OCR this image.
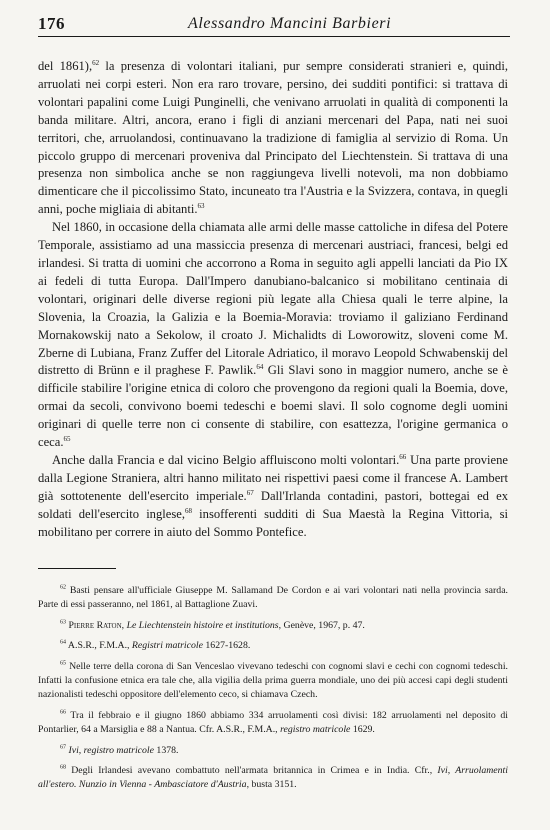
176	Alessandro Mancini Barbieri

del 1861),$^{62}$ la presenza di volontari italiani, pur sempre considerati stranieri e, quindi, arruolati nei corpi esteri. Non era raro trovare, persino, dei sudditi pontifici: si trattava di volontari papalini come Luigi Punginelli, che venivano arruolati in qualità di componenti la banda militare. Altri, ancora, erano i figli di anziani mercenari del Papa, nati nei suoi territori, che, arruolandosi, continuavano la tradizione di famiglia al servizio di Roma. Un piccolo gruppo di mercenari proveniva dal Principato del Liechtenstein. Si trattava di una presenza non simbolica anche se non raggiungeva livelli notevoli, ma non dobbiamo dimenticare che il piccolissimo Stato, incuneato tra l'Austria e la Svizzera, contava, in quegli anni, poche migliaia di abitanti.$^{63}$

Nel 1860, in occasione della chiamata alle armi delle masse cattoliche in difesa del Potere Temporale, assistiamo ad una massiccia presenza di mercenari austriaci, francesi, belgi ed irlandesi. Si tratta di uomini che accorrono a Roma in seguito agli appelli lanciati da Pio IX ai fedeli di tutta Europa. Dall'Impero danubiano-balcanico si mobilitano centinaia di volontari, originari delle diverse regioni più legate alla Chiesa quali le terre alpine, la Slovenia, la Croazia, la Galizia e la Boemia-Moravia: troviamo il galiziano Ferdinand Mornakowskij nato a Sekolow, il croato J. Michalidts di Loworowitz, sloveni come M. Zberne di Lubiana, Franz Zuffer del Litorale Adriatico, il moravo Leopold Schwabenskij del distretto di Brünn e il praghese F. Pawlik.$^{64}$ Gli Slavi sono in maggior numero, anche se è difficile stabilire l'origine etnica di coloro che provengono da regioni quali la Boemia, dove, ormai da secoli, convivono boemi tedeschi e boemi slavi. Il solo cognome degli uomini originari di quelle terre non ci consente di stabilire, con esattezza, l'origine germanica o ceca.$^{65}$

Anche dalla Francia e dal vicino Belgio affluiscono molti volontari.$^{66}$ Una parte proviene dalla Legione Straniera, altri hanno militato nei rispettivi paesi come il francese A. Lambert già sottotenente dell'esercito imperiale.$^{67}$ Dall'Irlanda contadini, pastori, bottegai ed ex soldati dell'esercito inglese,$^{68}$ insofferenti sudditi di Sua Maestà la Regina Vittoria, si mobilitano per correre in aiuto del Sommo Pontefice.

$^{62}$ Basti pensare all'ufficiale Giuseppe M. Sallamand De Cordon e ai vari volontari nati nella provincia sarda. Parte di essi passeranno, nel 1861, al Battaglione Zuavi.

$^{63}$ Pierre Raton, Le Liechtenstein histoire et institutions, Genève, 1967, p. 47.

$^{64}$ A.S.R., F.M.A., Registri matricole 1627-1628.

$^{65}$ Nelle terre della corona di San Venceslao vivevano tedeschi con cognomi slavi e cechi con cognomi tedeschi. Infatti la confusione etnica era tale che, alla vigilia della prima guerra mondiale, uno dei più accesi capi degli studenti nazionalisti tedeschi oppositore dell'elemento ceco, si chiamava Czech.

$^{66}$ Tra il febbraio e il giugno 1860 abbiamo 334 arruolamenti così divisi: 182 arruolamenti nel deposito di Pontarlier, 64 a Marsiglia e 88 a Nantua. Cfr. A.S.R., F.M.A., registro matricole 1629.

$^{67}$ Ivi, registro matricole 1378.

$^{68}$ Degli Irlandesi avevano combattuto nell'armata britannica in Crimea e in India. Cfr., Ivi, Arruolamenti all'estero. Nunzio in Vienna - Ambasciatore d'Austria, busta 3151.
